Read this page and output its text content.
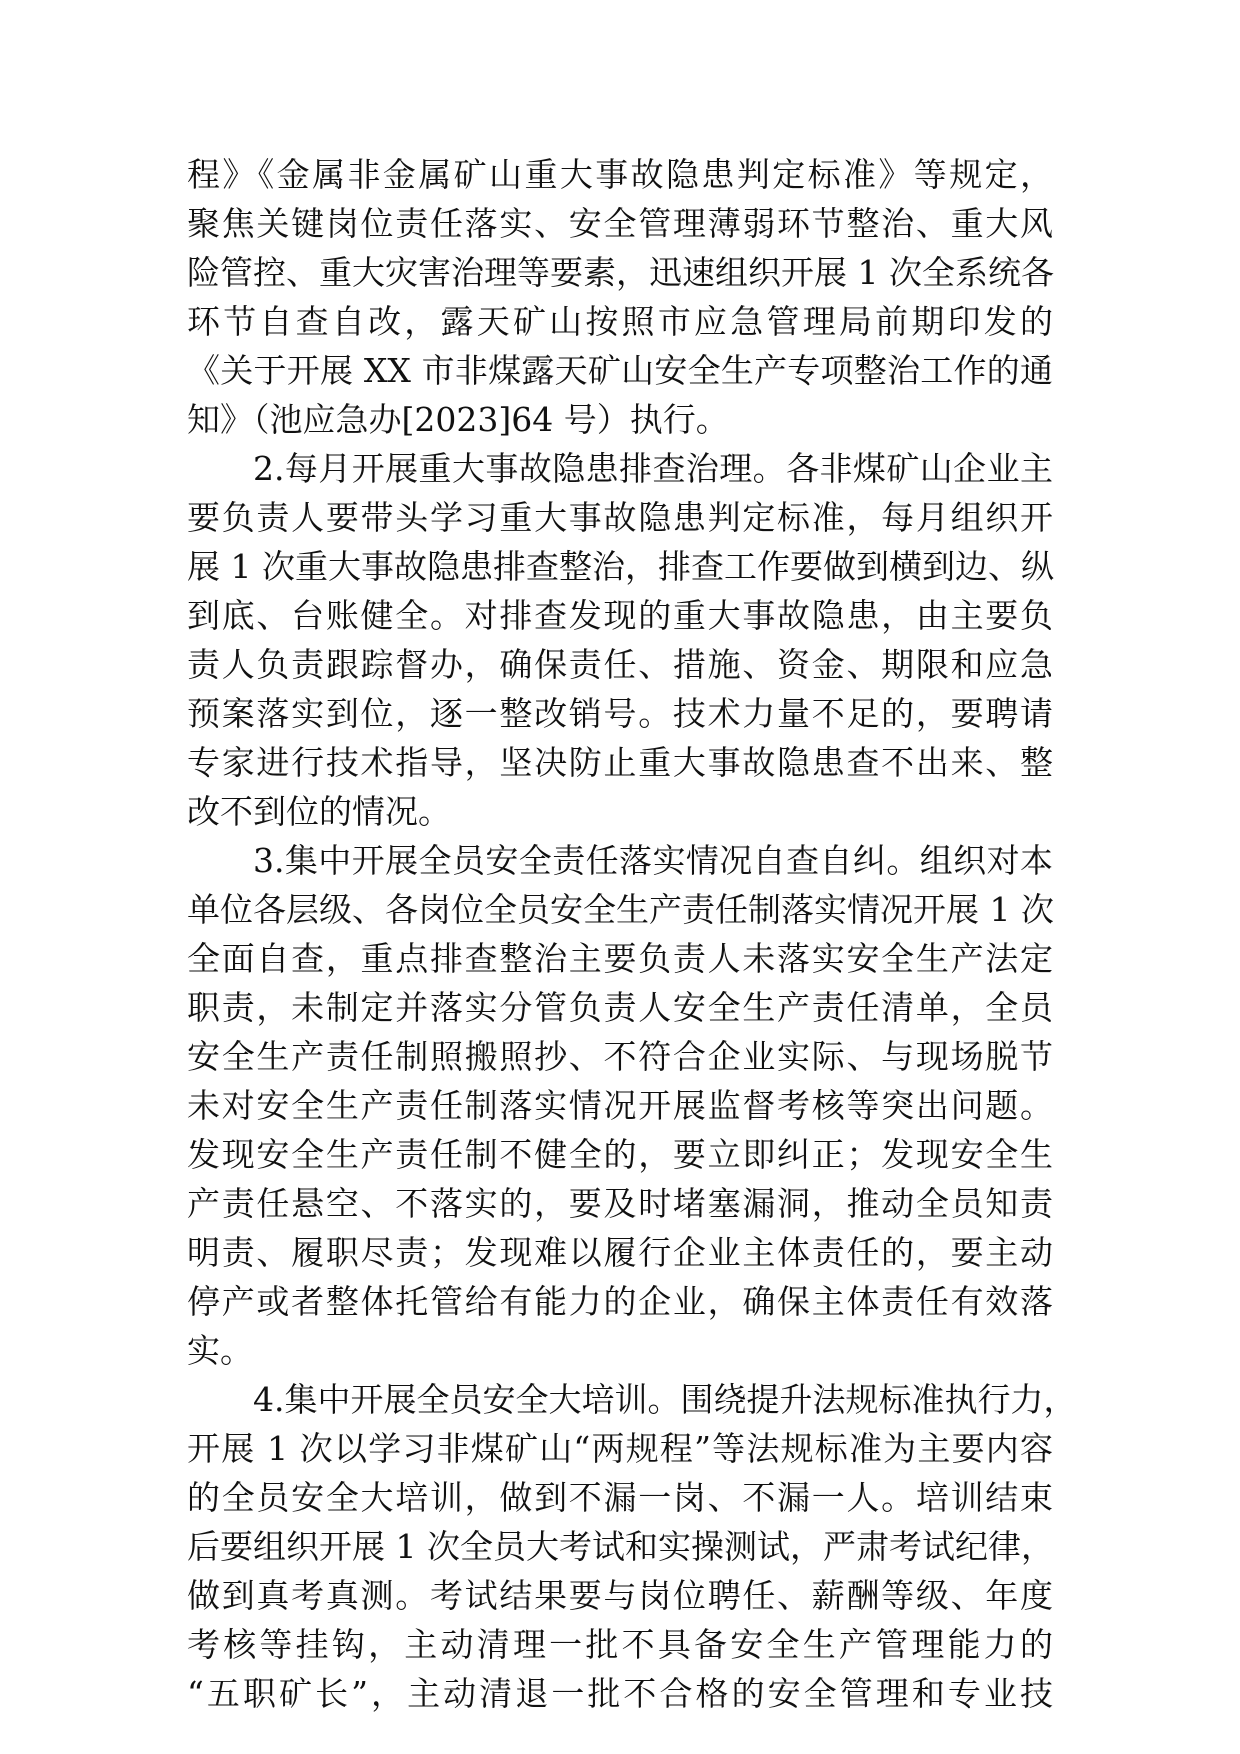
程》《金属非金属矿山重大事故隐患判定标准》等规定，
聚焦关键岗位责任落实、安全管理薄弱环节整治、重大风
险管控、重大灾害治理等要素，迅速组织开展 1 次全系统各
环节自查自改，露天矿山按照市应急管理局前期印发的
《关于开展 XX 市非煤露天矿山安全生产专项整治工作的通
知》（池应急办[2023]64 号）执行。
2.每月开展重大事故隐患排查治理。各非煤矿山企业主
要负责人要带头学习重大事故隐患判定标准，每月组织开
展 1 次重大事故隐患排查整治，排查工作要做到横到边、纵
到底、台账健全。对排查发现的重大事故隐患，由主要负
责人负责跟踪督办，确保责任、措施、资金、期限和应急
预案落实到位，逐一整改销号。技术力量不足的，要聘请
专家进行技术指导，坚决防止重大事故隐患查不出来、整
改不到位的情况。
3.集中开展全员安全责任落实情况自查自纠。组织对本
单位各层级、各岗位全员安全生产责任制落实情况开展 1 次
全面自查，重点排查整治主要负责人未落实安全生产法定
职责，未制定并落实分管负责人安全生产责任清单，全员
安全生产责任制照搬照抄、不符合企业实际、与现场脱节
未对安全生产责任制落实情况开展监督考核等突出问题。
发现安全生产责任制不健全的，要立即纠正；发现安全生
产责任悬空、不落实的，要及时堵塞漏洞，推动全员知责
明责、履职尽责；发现难以履行企业主体责任的，要主动
停产或者整体托管给有能力的企业，确保主体责任有效落
实。
4.集中开展全员安全大培训。围绕提升法规标准执行力，
开展 1 次以学习非煤矿山“两规程”等法规标准为主要内容
的全员安全大培训，做到不漏一岗、不漏一人。培训结束
后要组织开展 1 次全员大考试和实操测试，严肃考试纪律，
做到真考真测。考试结果要与岗位聘任、薪酬等级、年度
考核等挂钩，主动清理一批不具备安全生产管理能力的
“五职矿长”，主动清退一批不合格的安全管理和专业技
